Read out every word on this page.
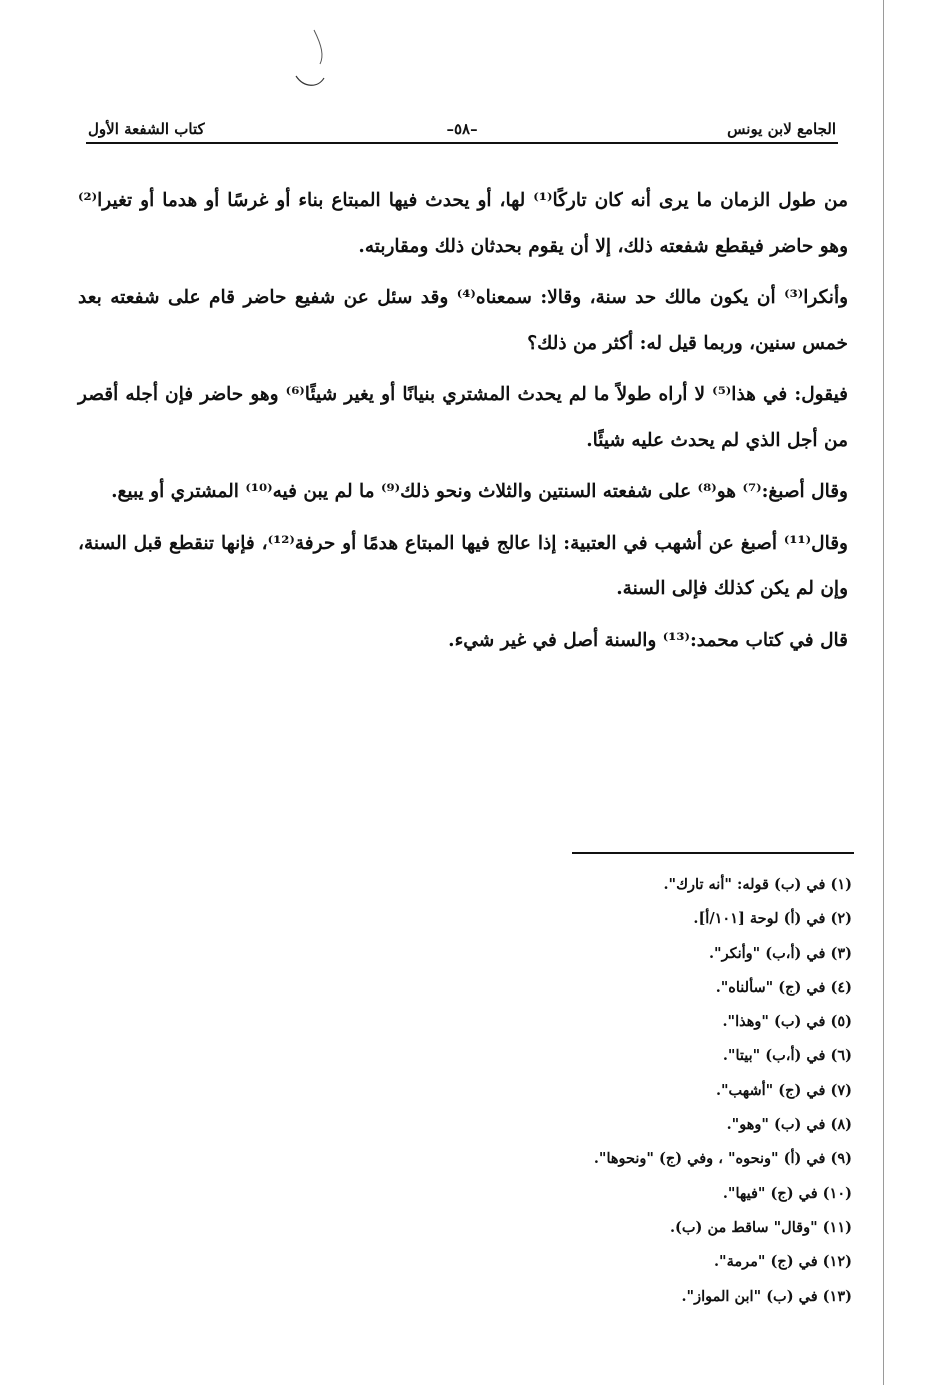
الجامع لابن يونس
–٥٨–
كتاب الشفعة الأول

من طول الزمان ما يرى أنه كان تاركًا⁽¹⁾ لها، أو يحدث فيها المبتاع بناء أو غرسًا أو هدما أو تغيرا⁽²⁾ وهو حاضر فيقطع شفعته ذلك، إلا أن يقوم بحدثان ذلك ومقاربته.

وأنكرا⁽³⁾ أن يكون مالك حد سنة، وقالا: سمعناه⁽⁴⁾ وقد سئل عن شفيع حاضر قام على شفعته بعد خمس سنين، وربما قيل له: أكثر من ذلك؟

فيقول: في هذا⁽⁵⁾ لا أراه طولاً ما لم يحدث المشتري بنيانًا أو يغير شيئًا⁽⁶⁾ وهو حاضر فإن أجله أقصر من أجل الذي لم يحدث عليه شيئًا.

وقال أصبغ:⁽⁷⁾ هو⁽⁸⁾ على شفعته السنتين والثلاث ونحو ذلك⁽⁹⁾ ما لم يبن فيه⁽¹⁰⁾ المشتري أو يبيع.

وقال⁽¹¹⁾ أصبغ عن أشهب في العتبية: إذا عالج فيها المبتاع هدمًا أو حرفة⁽¹²⁾، فإنها تنقطع قبل السنة، وإن لم يكن كذلك فإلى السنة.

قال في كتاب محمد:⁽¹³⁾ والسنة أصل في غير شيء.

(١) في (ب) قوله: "أنه تارك".
(٢) في (أ) لوحة [١٠١/أ].
(٣) في (أ،ب) "وأنكر".
(٤) في (ج) "سألناه".
(٥) في (ب) "وهذا".
(٦) في (أ،ب) "بيتا".
(٧) في (ج) "أشهب".
(٨) في (ب) "وهو".
(٩) في (أ) "ونحوه" ، وفي (ج) "ونحوها".
(١٠) في (ج) "فيها".
(١١) "وقال" ساقط من (ب).
(١٢) في (ج) "مرمة".
(١٣) في (ب) "ابن المواز".
